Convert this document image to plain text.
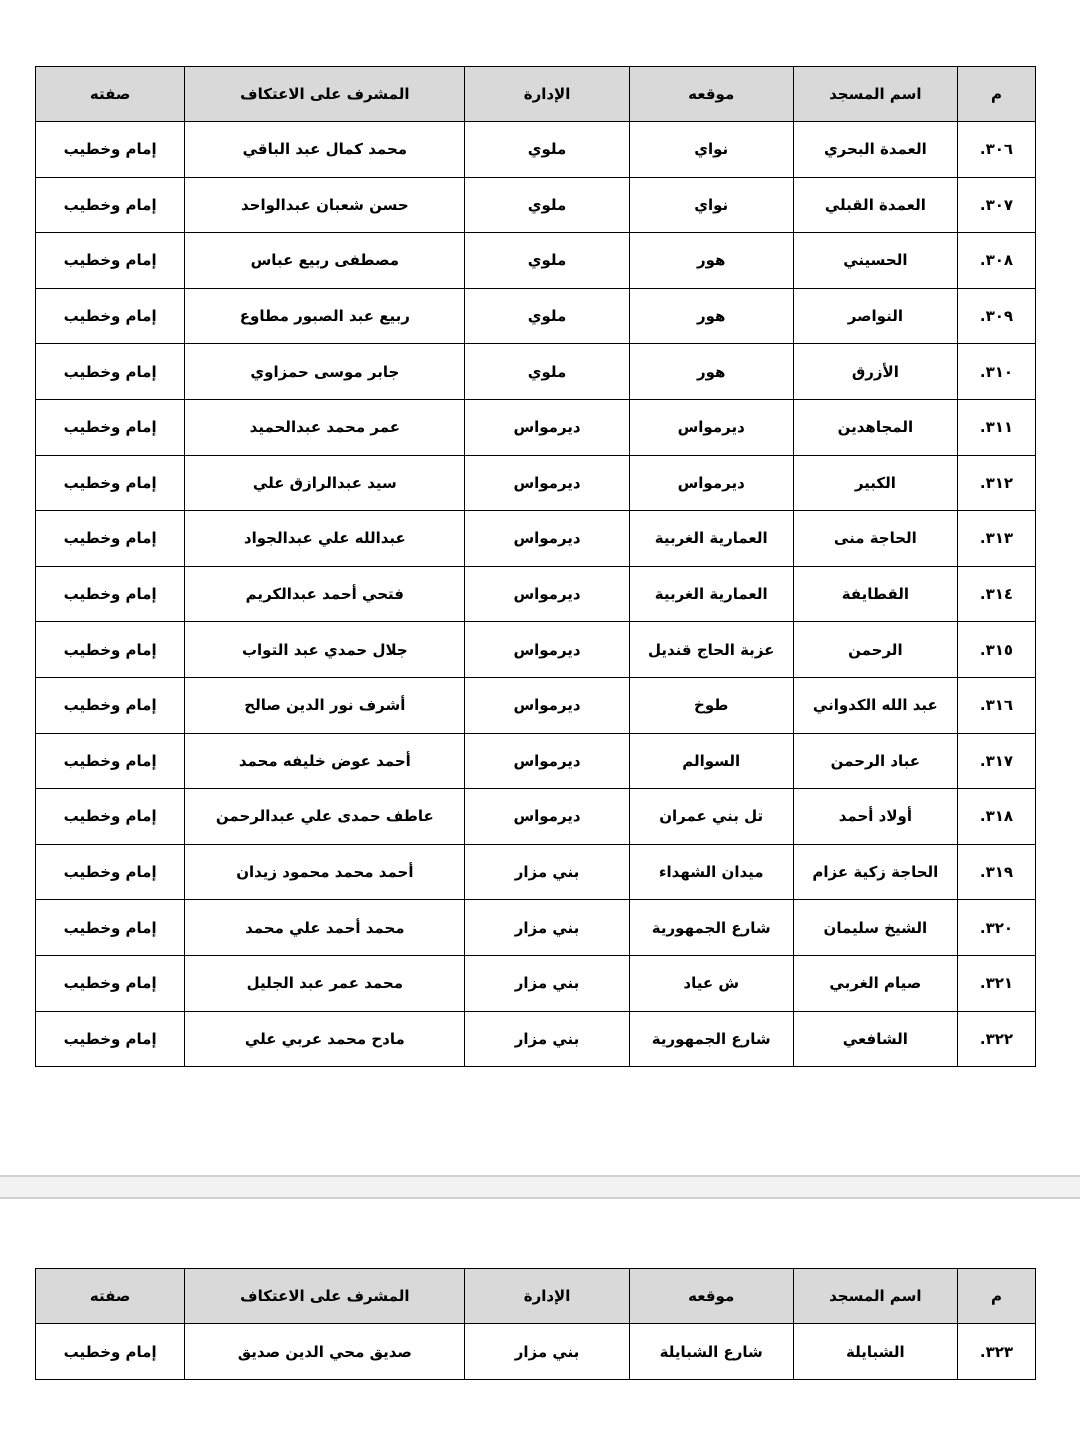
م	اسم المسجد	موقعه	الإدارة	المشرف على الاعتكاف	صفته
٣٠٦.	العمدة البحري	نواي	ملوي	محمد كمال عبد الباقي	إمام وخطيب
٣٠٧.	العمدة القبلي	نواي	ملوي	حسن شعبان عبدالواحد	إمام وخطيب
٣٠٨.	الحسيني	هور	ملوي	مصطفى ربيع عباس	إمام وخطيب
٣٠٩.	النواصر	هور	ملوي	ربيع عبد الصبور مطاوع	إمام وخطيب
٣١٠.	الأزرق	هور	ملوي	جابر موسى حمزاوي	إمام وخطيب
٣١١.	المجاهدين	ديرمواس	ديرمواس	عمر محمد عبدالحميد	إمام وخطيب
٣١٢.	الكبير	ديرمواس	ديرمواس	سيد عبدالرازق علي	إمام وخطيب
٣١٣.	الحاجة منى	العمارية الغربية	ديرمواس	عبدالله علي عبدالجواد	إمام وخطيب
٣١٤.	القطايفة	العمارية الغربية	ديرمواس	فتحي أحمد عبدالكريم	إمام وخطيب
٣١٥.	الرحمن	عزبة الحاج قنديل	ديرمواس	جلال حمدي عبد التواب	إمام وخطيب
٣١٦.	عبد الله الكدواني	طوخ	ديرمواس	أشرف نور الدين صالح	إمام وخطيب
٣١٧.	عباد الرحمن	السوالم	ديرمواس	أحمد عوض خليفه محمد	إمام وخطيب
٣١٨.	أولاد أحمد	تل بني عمران	ديرمواس	عاطف حمدى علي عبدالرحمن	إمام وخطيب
٣١٩.	الحاجة زكية عزام	ميدان الشهداء	بني مزار	أحمد محمد محمود زيدان	إمام وخطيب
٣٢٠.	الشيخ سليمان	شارع الجمهورية	بني مزار	محمد أحمد علي محمد	إمام وخطيب
٣٢١.	صيام الغربي	ش عياد	بني مزار	محمد عمر عبد الجليل	إمام وخطيب
٣٢٢.	الشافعي	شارع الجمهورية	بني مزار	مادح محمد عربي علي	إمام وخطيب
م	اسم المسجد	موقعه	الإدارة	المشرف على الاعتكاف	صفته
٣٢٣.	الشبايلة	شارع الشبايلة	بني مزار	صديق محي الدين صديق	إمام وخطيب
